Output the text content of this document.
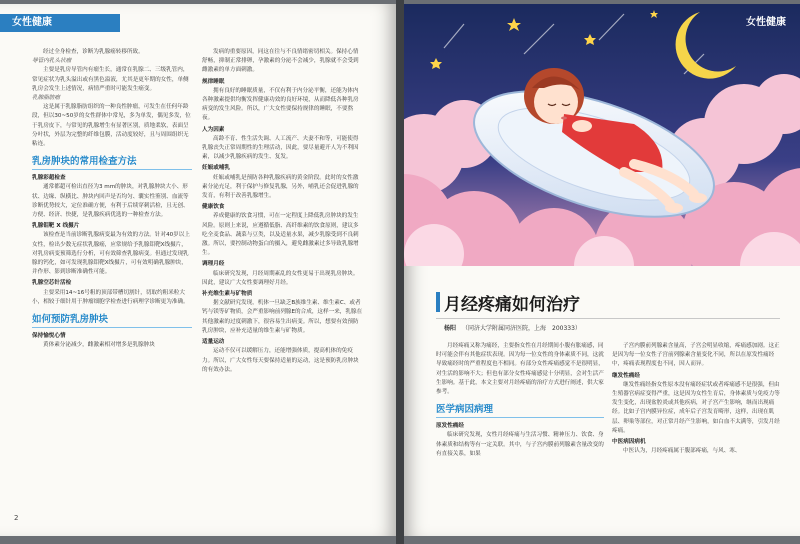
女性健康

经过全身检查，诊断为乳腺癌转移所致。

导管内乳头状瘤

主要是乳房导管内有瘤生长，通常在乳腺二、三级乳管内，常见症状为乳头溢出或有黑色溢液，尤其是更年期的女性，单侧乳房会发生上述情况，病情严重时可能发生癌变。

乳腺脂肪瘤

这是属于乳腺脂肪组织的一种良性肿瘤，可发生在任何年龄段，但以30~50岁的女性群体中常见，多为单发，偶见多发，位于乳房皮下，与常见的乳腺增生有显著区别，质地柔软，表面呈分叶状，外层为完整的纤维包膜，活动度较好，且与周围组织无粘连。

乳房肿块的常用检查方法

乳腺彩超检查

通常都超可检出直径为3 mm的肿块，对乳腺肿块大小、形状、边缘、纵横比、肿块内回声是否均匀、囊实性鉴别、血流等诊断优势较大，定位准确方便，有利于后续穿刺活检，且无创、方便、经济、快捷，是乳腺疾病优选的一种检查方法。

乳腺钼靶 X 线摄片

该检查是当前诊断乳腺病变最为有效的方法。针对40岁以上女性，检出少数无症状乳腺癌，应常规给予乳腺钼靶X线摄片，对乳房病变预筛选行分析，可有效筛查乳腺病变。但通过发现乳腺的钙化，如可发现乳腺钼靶X线摄片，可有效明确乳腺肿块，并作形、影到诊断准确性可能。

乳腺空芯针活检

主要采用14~16号粗的顶部带槽切割针，切取约粗米粒大小，相较于细针用于肿瘤细胞学检查进行病理学诊断更为准确。

如何预防乳房肿块

保持愉悦心情

黄体素分泌减少，雌激素相对增多是乳腺肿块

发病的重要原因，同这在往与不良情绪密切相关。保持心情舒畅，抑制正常排卵，孕激素的分泌不会减少，乳腺就不会受到雌激素的单方面刺激。

规律睡眠

拥有良好的睡眠质量，不仅有利于内分泌平衡，还能为体内各种激素提供均衡发挥健康功效的良好环境，从而降低各种乳房病变的发生风险。所以，广大女性要保持规律的睡眠，不要熬夜。

人为因素

高龄不育、性生活失调、人工流产、夫妻不和等，可能使得乳腺丧失正常周期性的生理活动，因此，要尽量避开人为不利因素，以减少乳腺疾病的发生、复发。

妊娠或哺乳

妊娠或哺乳是预防各种乳腺疾病的黄金阶段。此时的女性激素分泌充足，利于保护与修复乳腺，另外，哺乳还会促进乳腺的发育，有利于改善乳腺增生。

健康饮食

养成健康的饮食习惯，可在一定程度上降低乳房肿块的发生风险。原则上来说，应遵循低脂、高纤维素的饮食原则，建议多吃全麦食品、蔬菜与豆类，以及适量水果，减少乳腺受到不良刺激。所以，要控制动物蛋白的摄入，避免雌激素过多导致乳腺增生。

调理月经

临床研究发现，月经周期紊乱的女性更易于出现乳房肿块。因此，建议广大女性要调理好月经。

补充维生素与矿物质

据文献研究发现，机体一旦缺乏B族维生素、维生素C、或者钙与镁等矿物质，会严重影响前列腺E的合成，这样一来，乳腺在其他激素的过度刺激下，很容易生出病变。所以，想要有效预防乳房肿块，应补充适量的维生素与矿物质。

适量运动

运动不仅可以缓解压力，还能增强体质，提高机体的免疫力。所以，广大女性每天要保持适量的运动，这是预防乳房肿块的有效办法。

2
女性健康
月经疼痛如何治疗
杨阳 （同济大学附属同济医院，上海　200333）

月经疼痛又称为痛经，主要指女性在月经期间小腹有胀痛感，同时可能会伴有其他症状表现。因为每一位女性的身体素质不同，这就导致痛经时的严重程度也不相同。有部分女性疼痛感觉不是很明显，对生活的影响不大；但也有部分女性疼痛感觉十分明显，会对生活产生影响。基于此，本文主要对月经疼痛的治疗方式进行阐述，供大家参考。

医学病因病理

原发性痛经

临床研究发现，女性月经疼痛与生活习惯、精神压力、饮食、身体素质和结构等有一定关联。其中，与子宫内膜前列腺素含量改变的有直接关系，如果

子宫内膜前列腺素含量高，子宫会明显收缩，疼痛感加剧。这正是因为每一位女性子宫前列腺素含量变化不同，所以在原发性痛经中，疼痛表现程度也不同，因人而异。

继发性痛经

继发性痛经指女性原本没有痛经症状或者疼痛感不是很强，但由生殖器官病症变得严重，这是因为女性生育后，身体素质与免疫力等发生变化，出现盆腔炎或其他疾病，对子宫产生影响，继而出现痛经。比如子宫内膜异位症，成年后子宫发育畸形，这样，出现在肌层、卵巢等部位，对正常月经产生影响，如白血不太满等，引发月经疼痛。

中医病因病机

中医认为，月经疼痛属于腹部疼痛，与风、寒、
